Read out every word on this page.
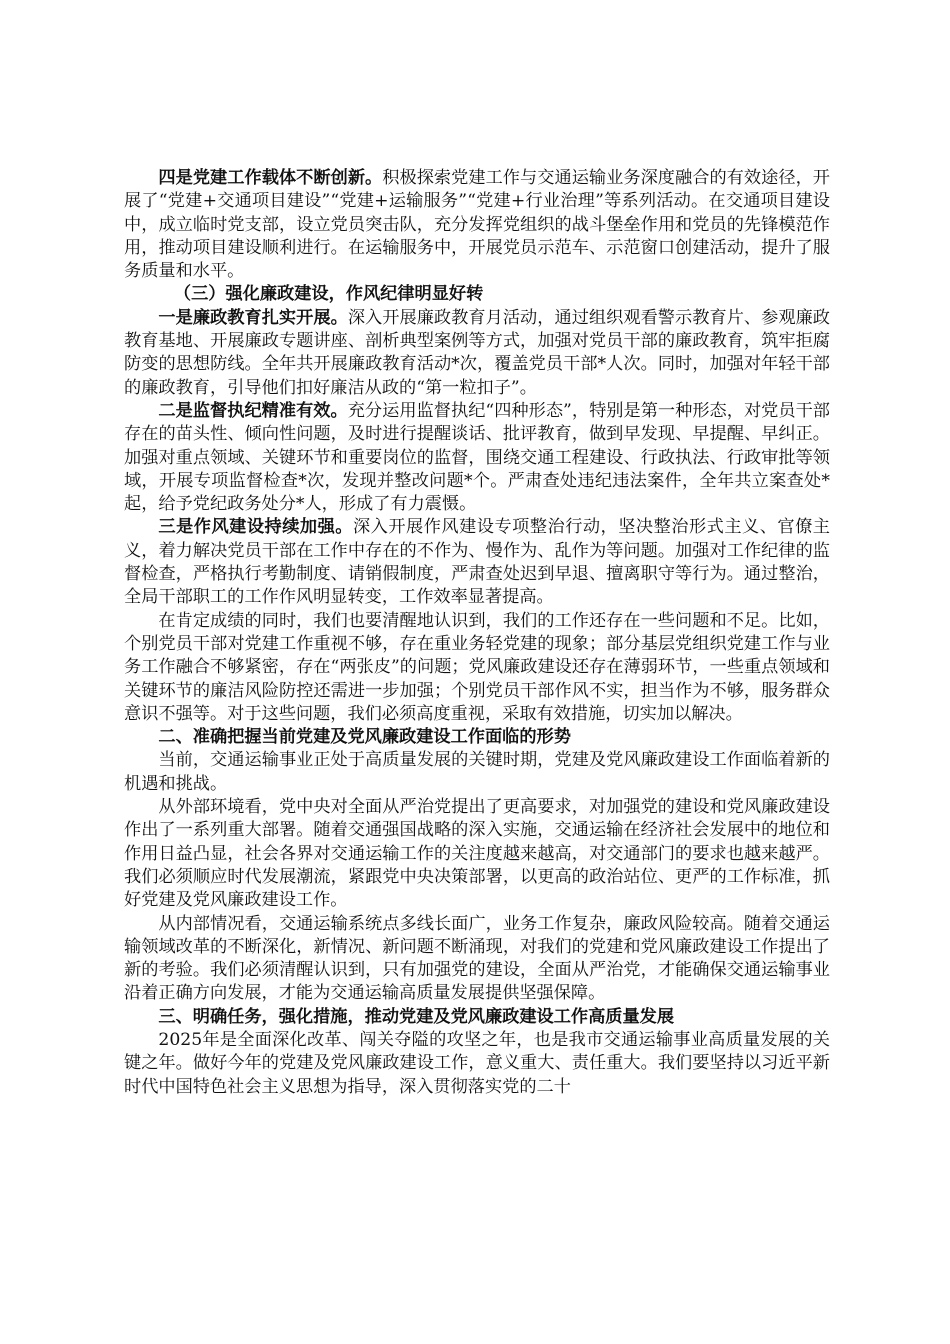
四是党建工作载体不断创新。积极探索党建工作与交通运输业务深度融合的有效途径，开展了“党建+交通项目建设”“党建+运输服务”“党建+行业治理”等系列活动。在交通项目建设中，成立临时党支部，设立党员突击队，充分发挥党组织的战斗堡垒作用和党员的先锋模范作用，推动项目建设顺利进行。在运输服务中，开展党员示范车、示范窗口创建活动，提升了服务质量和水平。

（三）强化廉政建设，作风纪律明显好转

一是廉政教育扎实开展。深入开展廉政教育月活动，通过组织观看警示教育片、参观廉政教育基地、开展廉政专题讲座、剖析典型案例等方式，加强对党员干部的廉政教育，筑牢拒腐防变的思想防线。全年共开展廉政教育活动*次，覆盖党员干部*人次。同时，加强对年轻干部的廉政教育，引导他们扣好廉洁从政的“第一粒扣子”。

二是监督执纪精准有效。充分运用监督执纪“四种形态”，特别是第一种形态，对党员干部存在的苗头性、倾向性问题，及时进行提醒谈话、批评教育，做到早发现、早提醒、早纠正。加强对重点领域、关键环节和重要岗位的监督，围绕交通工程建设、行政执法、行政审批等领域，开展专项监督检查*次，发现并整改问题*个。严肃查处违纪违法案件，全年共立案查处*起，给予党纪政务处分*人，形成了有力震慑。

三是作风建设持续加强。深入开展作风建设专项整治行动，坚决整治形式主义、官僚主义，着力解决党员干部在工作中存在的不作为、慢作为、乱作为等问题。加强对工作纪律的监督检查，严格执行考勤制度、请销假制度，严肃查处迟到早退、擅离职守等行为。通过整治，全局干部职工的工作作风明显转变，工作效率显著提高。

在肯定成绩的同时，我们也要清醒地认识到，我们的工作还存在一些问题和不足。比如，个别党员干部对党建工作重视不够，存在重业务轻党建的现象；部分基层党组织党建工作与业务工作融合不够紧密，存在“两张皮”的问题；党风廉政建设还存在薄弱环节，一些重点领域和关键环节的廉洁风险防控还需进一步加强；个别党员干部作风不实，担当作为不够，服务群众意识不强等。对于这些问题，我们必须高度重视，采取有效措施，切实加以解决。

二、准确把握当前党建及党风廉政建设工作面临的形势

当前，交通运输事业正处于高质量发展的关键时期，党建及党风廉政建设工作面临着新的机遇和挑战。

从外部环境看，党中央对全面从严治党提出了更高要求，对加强党的建设和党风廉政建设作出了一系列重大部署。随着交通强国战略的深入实施，交通运输在经济社会发展中的地位和作用日益凸显，社会各界对交通运输工作的关注度越来越高，对交通部门的要求也越来越严。我们必须顺应时代发展潮流，紧跟党中央决策部署，以更高的政治站位、更严的工作标准，抓好党建及党风廉政建设工作。

从内部情况看，交通运输系统点多线长面广，业务工作复杂，廉政风险较高。随着交通运输领域改革的不断深化，新情况、新问题不断涌现，对我们的党建和党风廉政建设工作提出了新的考验。我们必须清醒认识到，只有加强党的建设，全面从严治党，才能确保交通运输事业沿着正确方向发展，才能为交通运输高质量发展提供坚强保障。

三、明确任务，强化措施，推动党建及党风廉政建设工作高质量发展

2025年是全面深化改革、闯关夺隘的攻坚之年，也是我市交通运输事业高质量发展的关键之年。做好今年的党建及党风廉政建设工作，意义重大、责任重大。我们要坚持以习近平新时代中国特色社会主义思想为指导，深入贯彻落实党的二十
